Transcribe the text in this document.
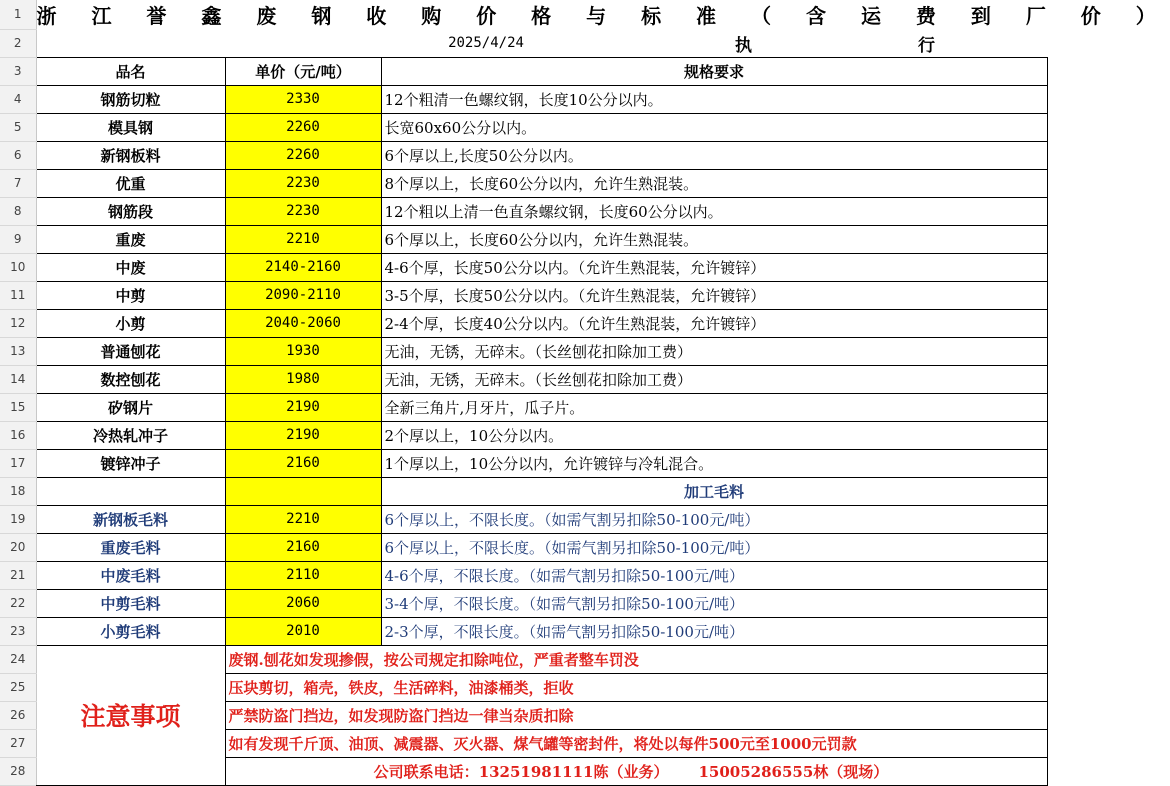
1	浙 江 誉 鑫 废 钢 收 购 价 格 与 标 准 （ 含 运 费 到 厂 价 ）		
2		2025/4/24	
3	品名	单价（元/吨）	规格要求
4	钢筋切粒	2330	12个粗清一色螺纹钢，长度10公分以内。
5	模具钢	2260	长宽60x60公分以内。
6	新钢板料	2260	6个厚以上,长度50公分以内。
7	优重	2230	8个厚以上，长度60公分以内，允许生熟混装。
8	钢筋段	2230	12个粗以上清一色直条螺纹钢，长度60公分以内。
9	重废	2210	6个厚以上，长度60公分以内，允许生熟混装。
10	中废	2140-2160	4-6个厚，长度50公分以内。（允许生熟混装，允许镀锌）
11	中剪	2090-2110	3-5个厚，长度50公分以内。（允许生熟混装，允许镀锌）
12	小剪	2040-2060	2-4个厚，长度40公分以内。（允许生熟混装，允许镀锌）
13	普通刨花	1930	无油，无锈，无碎末。（长丝刨花扣除加工费）
14	数控刨花	1980	无油，无锈，无碎末。（长丝刨花扣除加工费）
15	矽钢片	2190	全新三角片,月牙片，瓜子片。
16	冷热轧冲子	2190	2个厚以上，10公分以内。
17	镀锌冲子	2160	1个厚以上，10公分以内，允许镀锌与冷轧混合。
18			加工毛料
19	新钢板毛料	2210	6个厚以上，不限长度。（如需气割另扣除50-100元/吨）
20	重废毛料	2160	6个厚以上，不限长度。（如需气割另扣除50-100元/吨）
21	中废毛料	2110	4-6个厚，不限长度。（如需气割另扣除50-100元/吨）
22	中剪毛料	2060	3-4个厚，不限长度。（如需气割另扣除50-100元/吨）
23	小剪毛料	2010	2-3个厚，不限长度。（如需气割另扣除50-100元/吨）
24	注意事项	废钢.刨花如发现掺假，按公司规定扣除吨位，严重者整车罚没	
25		压块剪切，箱壳，铁皮，生活碎料，油漆桶类，拒收	
26		严禁防盗门挡边，如发现防盗门挡边一律当杂质扣除	
27		如有发现千斤顶、油顶、减震器、灭火器、煤气罐等密封件，将处以每件500元至1000元罚款	
28		公司联系电话：13251981111陈（业务） 15005286555林（现场）	
执	行
